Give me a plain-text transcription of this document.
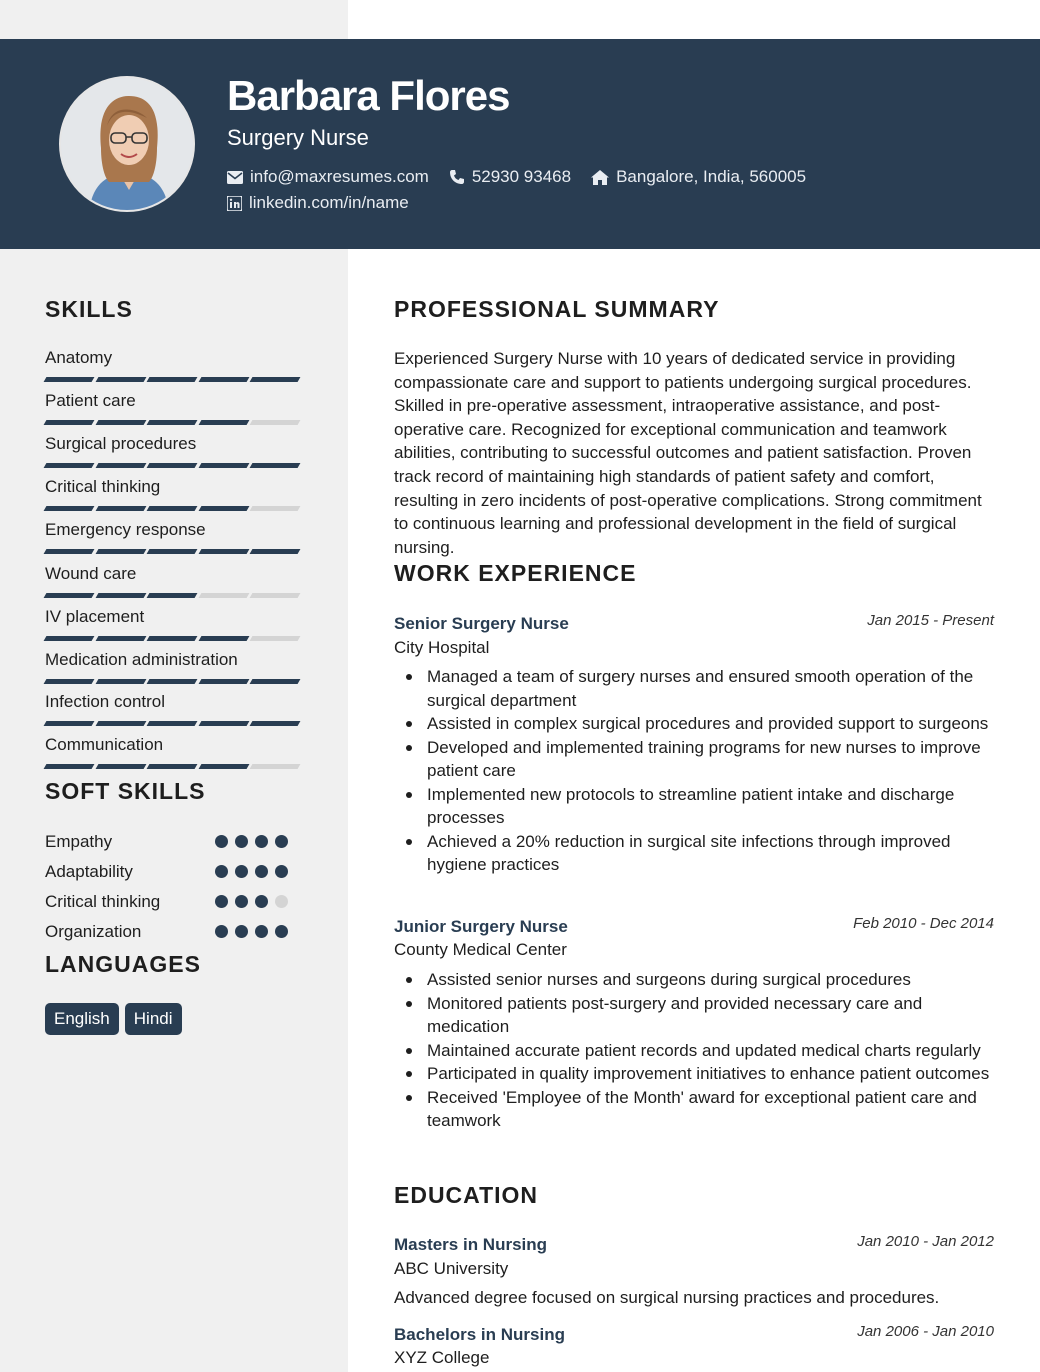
Barbara Flores
Surgery Nurse
info@maxresumes.com	52930 93468	Bangalore, India, 560005
linkedin.com/in/name
SKILLS
Anatomy
Patient care
Surgical procedures
Critical thinking
Emergency response
Wound care
IV placement
Medication administration
Infection control
Communication
SOFT SKILLS
Empathy
Adaptability
Critical thinking
Organization
LANGUAGES
English	Hindi
PROFESSIONAL SUMMARY
Experienced Surgery Nurse with 10 years of dedicated service in providing compassionate care and support to patients undergoing surgical procedures. Skilled in pre-operative assessment, intraoperative assistance, and post-operative care. Recognized for exceptional communication and teamwork abilities, contributing to successful outcomes and patient satisfaction. Proven track record of maintaining high standards of patient safety and comfort, resulting in zero incidents of post-operative complications. Strong commitment to continuous learning and professional development in the field of surgical nursing.
WORK EXPERIENCE
Senior Surgery Nurse	Jan 2015 - Present
City Hospital
Managed a team of surgery nurses and ensured smooth operation of the surgical department
Assisted in complex surgical procedures and provided support to surgeons
Developed and implemented training programs for new nurses to improve patient care
Implemented new protocols to streamline patient intake and discharge processes
Achieved a 20% reduction in surgical site infections through improved hygiene practices
Junior Surgery Nurse	Feb 2010 - Dec 2014
County Medical Center
Assisted senior nurses and surgeons during surgical procedures
Monitored patients post-surgery and provided necessary care and medication
Maintained accurate patient records and updated medical charts regularly
Participated in quality improvement initiatives to enhance patient outcomes
Received 'Employee of the Month' award for exceptional patient care and teamwork
EDUCATION
Masters in Nursing	Jan 2010 - Jan 2012
ABC University
Advanced degree focused on surgical nursing practices and procedures.
Bachelors in Nursing	Jan 2006 - Jan 2010
XYZ College
